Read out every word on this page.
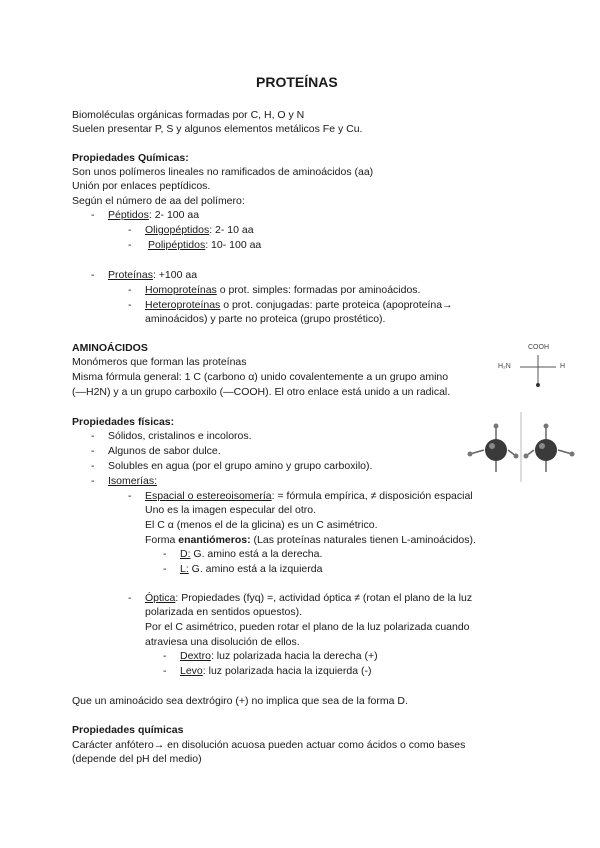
PROTEÍNAS
Biomoléculas orgánicas formadas por C, H, O y N
Suelen presentar P, S y algunos elementos metálicos Fe y Cu.
Propiedades Químicas:
Son unos polímeros lineales no ramificados de aminoácidos (aa)
Unión por enlaces peptídicos.
Según el número de aa del polímero:
- Péptidos: 2- 100 aa
- Oligopéptidos: 2- 10 aa
- Polipéptidos: 10- 100 aa
- Proteínas: +100 aa
- Homoproteínas o prot. simples: formadas por aminoácidos.
- Heteroproteínas o prot. conjugadas: parte proteica (apoproteína→
aminoácidos) y parte no proteica (grupo prostético).
AMINOÁCIDOS
Monómeros que forman las proteínas
Misma fórmula general: 1 C (carbono α) unido covalentemente a un grupo amino
(—H2N) y a un grupo carboxilo (—COOH). El otro enlace está unido a un radical.
COOH
H₂N	H
Propiedades físicas:
- Sólidos, cristalinos e incoloros.
- Algunos de sabor dulce.
- Solubles en agua (por el grupo amino y grupo carboxilo).
- Isomerías:
- Espacial o estereoisomería: = fórmula empírica, ≠ disposición espacial
Uno es la imagen especular del otro.
El C α (menos el de la glicina) es un C asimétrico.
Forma enantiómeros: (Las proteínas naturales tienen L-aminoácidos).
- D: G. amino está a la derecha.
- L: G. amino está a la izquierda
- Óptica: Propiedades (fyq) =, actividad óptica ≠ (rotan el plano de la luz
polarizada en sentidos opuestos).
Por el C asimétrico, pueden rotar el plano de la luz polarizada cuando
atraviesa una disolución de ellos.
- Dextro: luz polarizada hacia la derecha (+)
- Levo: luz polarizada hacia la izquierda (-)
Que un aminoácido sea dextrógiro (+) no implica que sea de la forma D.
Propiedades químicas
Carácter anfótero→ en disolución acuosa pueden actuar como ácidos o como bases
(depende del pH del medio)
